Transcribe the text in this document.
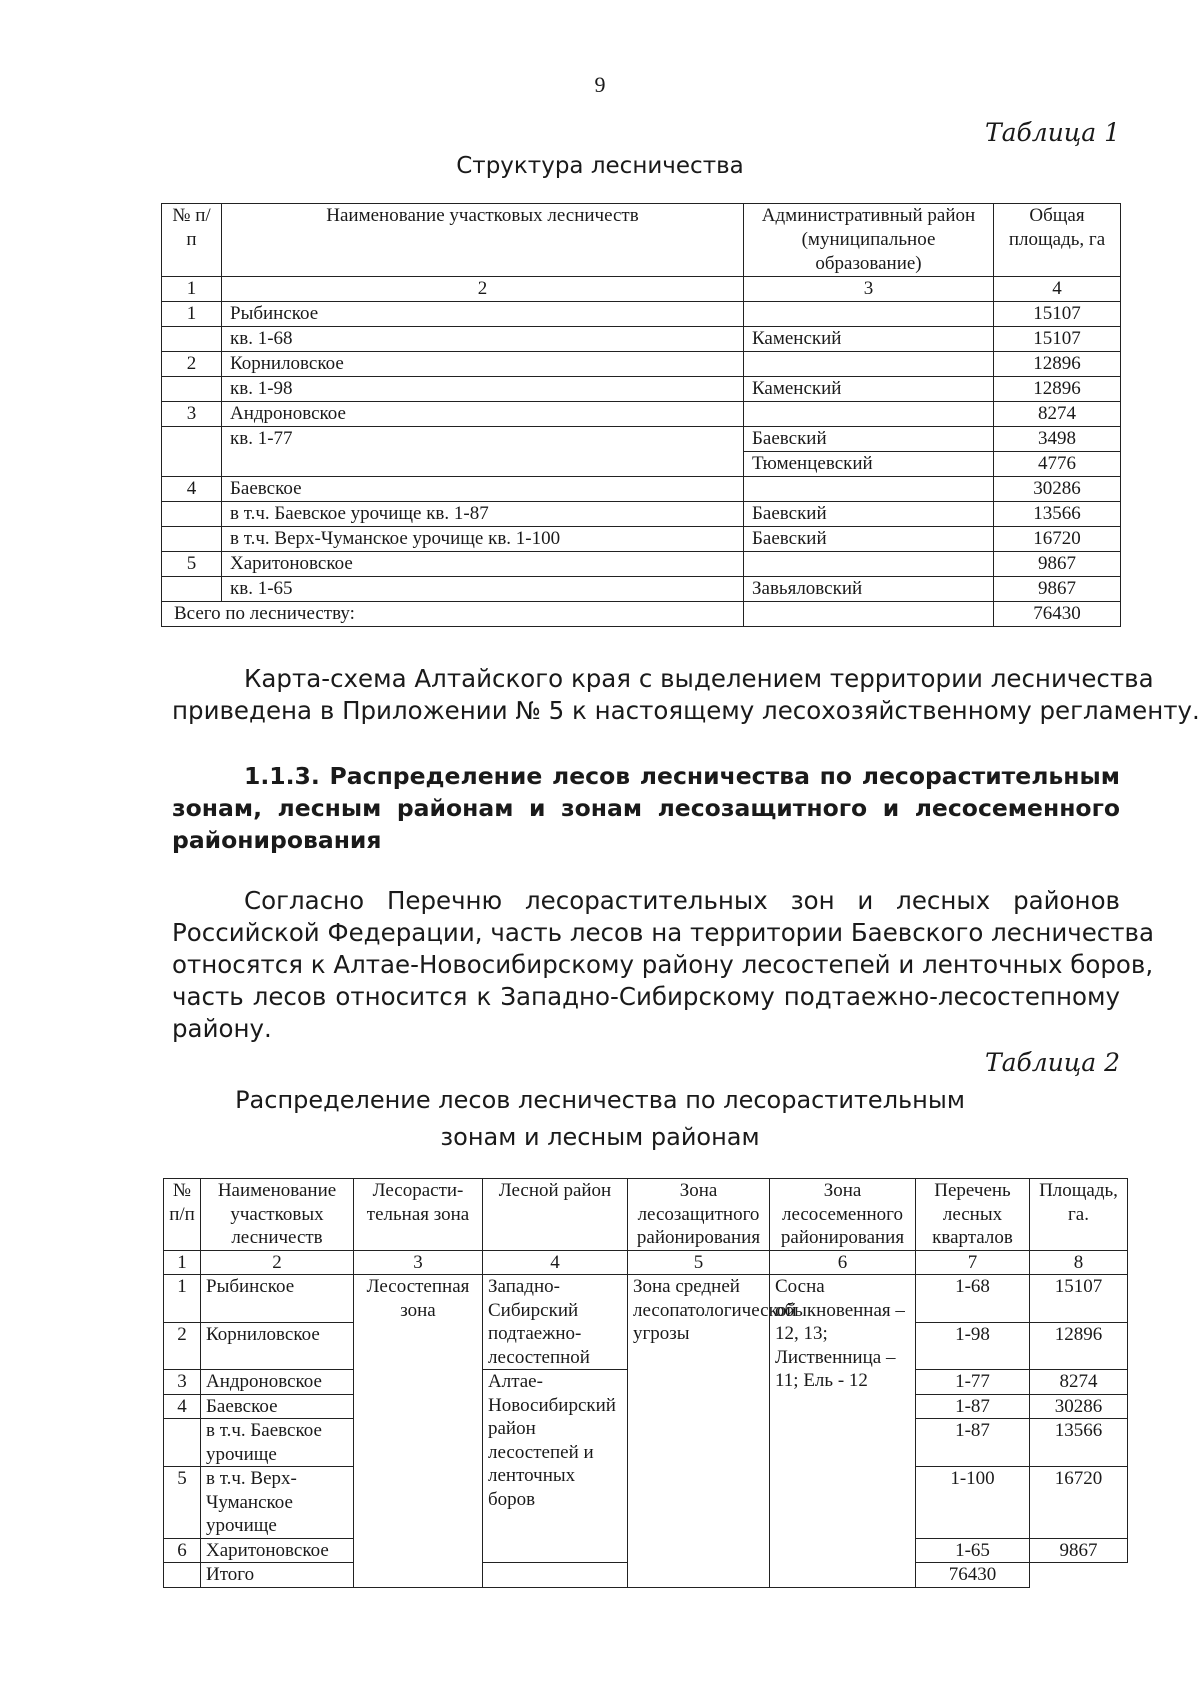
9
Таблица 1
Структура лесничества
№ п/п	Наименование участковых лесничеств	Административный район (муниципальное образование)	Общая площадь, га
1	2	3	4
1	Рыбинское		15107
	кв. 1-68	Каменский	15107
2	Корниловское		12896
	кв. 1-98	Каменский	12896
3	Андроновское		8274
	кв. 1-77	Баевский	3498
		Тюменцевский	4776
4	Баевское		30286
	в т.ч. Баевское урочище кв. 1-87	Баевский	13566
	в т.ч. Верх-Чуманское урочище кв. 1-100	Баевский	16720
5	Харитоновское		9867
	кв. 1-65	Завьяловский	9867
Всего по лесничеству:			76430
Карта-схема Алтайского края с выделением территории лесничества
приведена в Приложении № 5 к настоящему лесохозяйственному регламенту.
1.1.3. Распределение лесов лесничества по лесорастительным
зонам, лесным районам и зонам лесозащитного и лесосеменного
районирования
Согласно Перечню лесорастительных зон и лесных районов
Российской Федерации, часть лесов на территории Баевского лесничества
относятся к Алтае-Новосибирскому району лесостепей и ленточных боров,
часть лесов относится к Западно-Сибирскому подтаежно-лесостепному
району.
Таблица 2
Распределение лесов лесничества по лесорастительным
зонам и лесным районам
№ п/п	Наименование участковых лесничеств	Лесорасти-тельная зона	Лесной район	Зона лесозащитного районирования	Зона лесосеменного районирования	Перечень лесных кварталов	Площадь, га.
1	2	3	4	5	6	7	8
1	Рыбинское	Лесостепная зона	Западно-Сибирский подтаежно-лесостепной	Зона средней лесопатологической угрозы	Сосна обыкновенная – 12, 13; Лиственница – 11; Ель - 12	1-68	15107
2	Корниловское					1-98	12896
3	Андроновское		Алтае-Новосибирский район лесостепей и ленточных боров			1-77	8274
4	Баевское					1-87	30286
	в т.ч. Баевское урочище					1-87	13566
5	в т.ч. Верх-Чуманское урочище					1-100	16720
6	Харитоновское					1-65	9867
	Итого					76430	
